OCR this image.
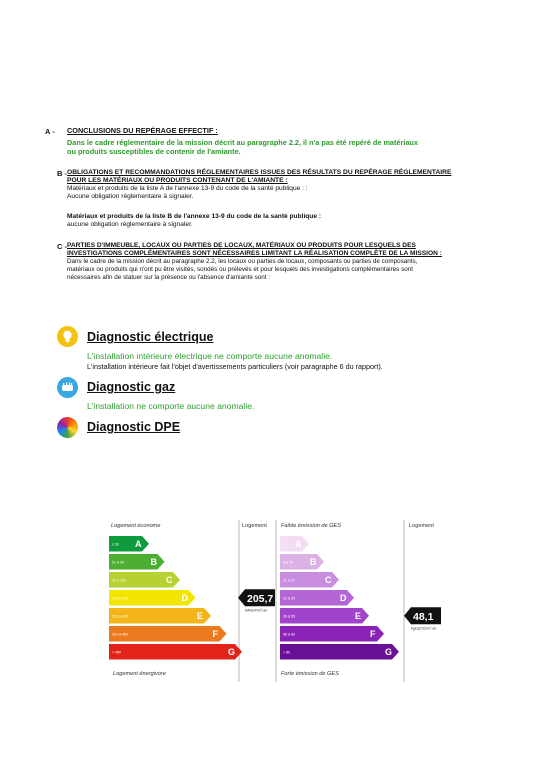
A - CONCLUSIONS DU REPÉRAGE EFFECTIF :
Dans le cadre réglementaire de la mission décrit au paragraphe 2.2, il n'a pas été repéré de matériaux
ou produits susceptibles de contenir de l'amiante.
B - OBLIGATIONS ET RECOMMANDATIONS RÉGLEMENTAIRES ISSUES DES RÉSULTATS DU REPÉRAGE RÉGLEMENTAIRE
POUR LES MATÉRIAUX OU PRODUITS CONTENANT DE L'AMIANTE :
Matériaux et produits de la liste A de l'annexe 13-9 du code de la santé publique : :
Aucune obligation réglementaire à signaler.
Matériaux et produits de la liste B de l'annexe 13-9 du code de la santé publique :
aucune obligation réglementaire à signaler.
C - PARTIES D'IMMEUBLE, LOCAUX OU PARTIES DE LOCAUX, MATÉRIAUX OU PRODUITS POUR LESQUELS DES
INVESTIGATIONS COMPLÉMENTAIRES SONT NÉCESSAIRES LIMITANT LA RÉALISATION COMPLÈTE DE LA MISSION :
Dans le cadre de la mission décrit au paragraphe 2.2, les locaux ou parties de locaux, composants ou parties de composants,
matériaux ou produits qui n'ont pu être visités, sondés ou prélevés et pour lesquels des investigations complémentaires sont
nécessaires afin de statuer sur la présence ou l'absence d'amiante sont :
Diagnostic électrique
L'installation intérieure électrique ne comporte aucune anomalie.
L'installation intérieure fait l'objet d'avertissements particuliers (voir paragraphe 6 du rapport).
Diagnostic gaz
L'installation ne comporte aucune anomalie.
Diagnostic DPE
Logement économe	Logement
Logement énergivore
≤ 50 A
51 à 90	B
91 à 150	C
151 à 230	D	205,7
kWhEP/m².an
231 à 330	E
331 à 450	F
> 450	G
Faible émission de GES	Logement
Forte émission de GES
≤ 5 A
6 à 10 B
11 à 20	C
21 à 35	D
36 à 55	E	48,1
kgéqCO2/m².an
56 à 80	F
> 80	G
